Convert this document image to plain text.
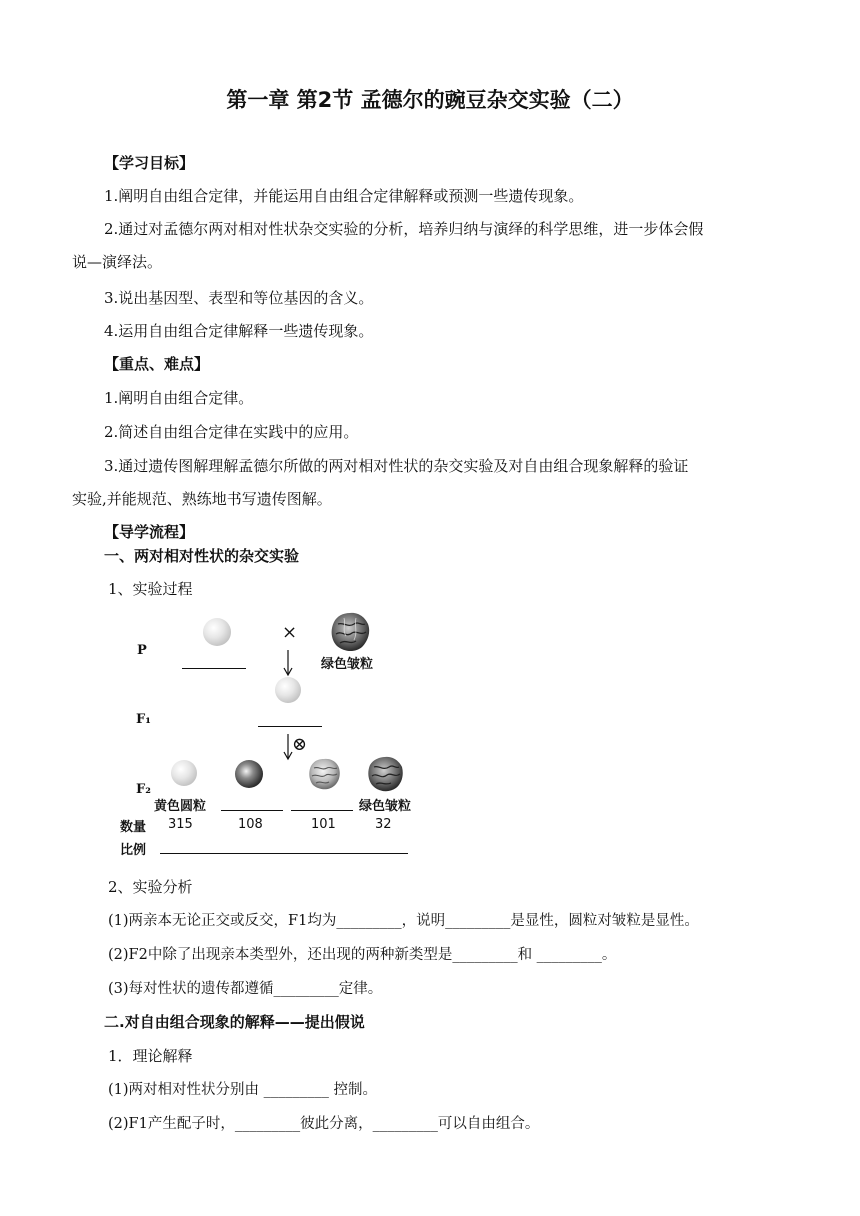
第一章 第2节 孟德尔的豌豆杂交实验（二）
【学习目标】
1.阐明自由组合定律，并能运用自由组合定律解释或预测一些遗传现象。
2.通过对孟德尔两对相对性状杂交实验的分析，培养归纳与演绎的科学思维，进一步体会假
说—演绎法。
3.说出基因型、表型和等位基因的含义。
4.运用自由组合定律解释一些遗传现象。
【重点、难点】
1.阐明自由组合定律。
2.简述自由组合定律在实践中的应用。
3.通过遗传图解理解孟德尔所做的两对相对性状的杂交实验及对自由组合现象解释的验证
实验,并能规范、熟练地书写遗传图解。
【导学流程】
一、两对相对性状的杂交实验
1、实验过程
P
×
绿色皱粒
F₁
⊗
F₂
黄色圆粒	绿色皱粒
数量 315	108	101	32
比例
2、实验分析
(1)两亲本无论正交或反交，F1均为_________，说明_________是显性，圆粒对皱粒是显性。
(2)F2中除了出现亲本类型外，还出现的两种新类型是_________和 _________。
(3)每对性状的遗传都遵循_________定律。
二.对自由组合现象的解释——提出假说
1．理论解释
(1)两对相对性状分别由 _________ 控制。
(2)F1产生配子时，_________彼此分离，_________可以自由组合。
